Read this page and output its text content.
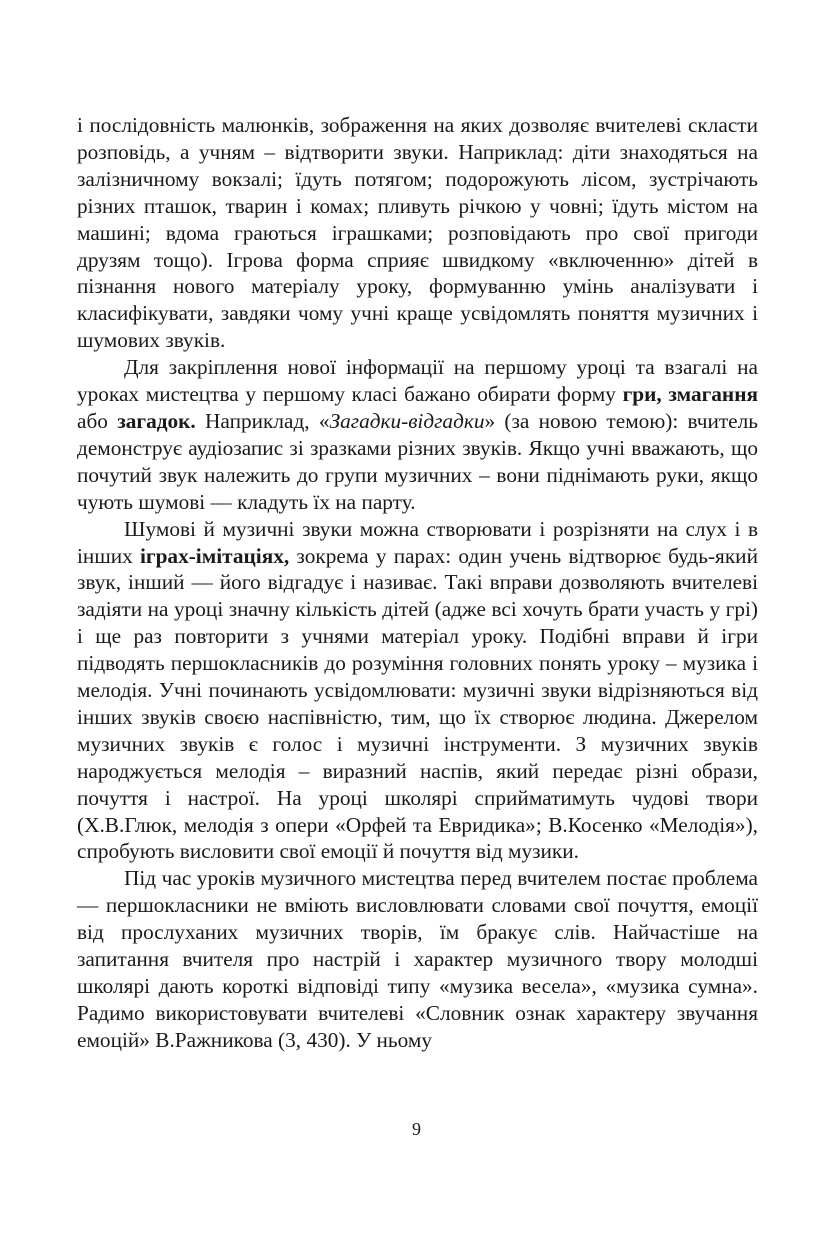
і послідовність малюнків, зображення на яких дозволяє вчителеві скласти розповідь, а учням – відтворити звуки. Наприклад: діти знаходяться на залізничному вокзалі; їдуть потягом; подорожують лісом, зустрічають різних пташок, тварин і комах; пливуть річкою у човні; їдуть містом на машині; вдома граються іграшками; розповідають про свої пригоди друзям тощо). Ігрова форма сприяє швидкому «включенню» дітей в пізнання нового матеріалу уроку, формуванню умінь аналізувати і класифікувати, завдяки чому учні краще усвідомлять поняття музичних і шумових звуків.

Для закріплення нової інформації на першому уроці та взагалі на уроках мистецтва у першому класі бажано обирати форму гри, змагання або загадок. Наприклад, «Загадки-відгадки» (за новою темою): вчитель демонструє аудіозапис зі зразками різних звуків. Якщо учні вважають, що почутий звук належить до групи музичних – вони піднімають руки, якщо чують шумові — кладуть їх на парту.

Шумові й музичні звуки можна створювати і розрізняти на слух і в інших іграх-імітаціях, зокрема у парах: один учень відтворює будь-який звук, інший — його відгадує і називає. Такі вправи дозволяють вчителеві задіяти на уроці значну кількість дітей (адже всі хочуть брати участь у грі) і ще раз повторити з учнями матеріал уроку. Подібні вправи й ігри підводять першокласників до розуміння головних понять уроку – музика і мелодія. Учні починають усвідомлювати: музичні звуки відрізняються від інших звуків своєю наспівністю, тим, що їх створює людина. Джерелом музичних звуків є голос і музичні інструменти. З музичних звуків народжується мелодія – виразний наспів, який передає різні образи, почуття і настрої. На уроці школярі сприйматимуть чудові твори (Х.В.Глюк, мелодія з опери «Орфей та Евридика»; В.Косенко «Мелодія»), спробують висловити свої емоції й почуття від музики.

Під час уроків музичного мистецтва перед вчителем постає проблема — першокласники не вміють висловлювати словами свої почуття, емоції від прослуханих музичних творів, їм бракує слів. Найчастіше на запитання вчителя про настрій і характер музичного твору молодші школярі дають короткі відповіді типу «музика весела», «музика сумна». Радимо використовувати вчителеві «Словник ознак характеру звучання емоцій» В.Ражникова (3, 430). У ньому

9
